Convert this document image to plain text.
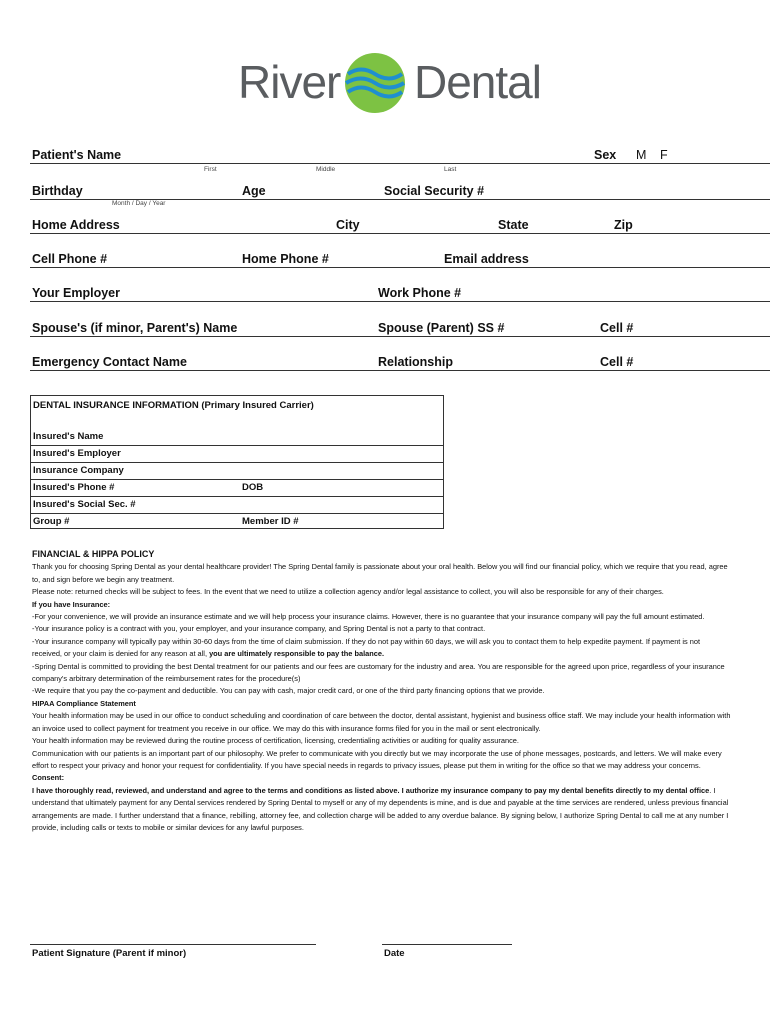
River Dental
Patient's Name	Sex M F
First	Middle	Last
Birthday	Age	Social Security #
Month / Day / Year
Home Address	City	State	Zip
Cell Phone #	Home Phone #	Email address
Your Employer	Work Phone #
Spouse's (if minor, Parent's) Name	Spouse (Parent) SS #	Cell #
Emergency Contact Name	Relationship	Cell #
DENTAL INSURANCE INFORMATION (Primary Insured Carrier)
Insured's Name
Insured's Employer
Insurance Company
Insured's Phone #	DOB
Insured's Social Sec. #
Group #	Member ID #

FINANCIAL & HIPPA POLICY

Thank you for choosing Spring Dental as your dental healthcare provider! The Spring Dental family is passionate about your oral health. Below you will find our financial policy, which we require that you read, agree to, and sign before we begin any treatment.

Please note: returned checks will be subject to fees. In the event that we need to utilize a collection agency and/or legal assistance to collect, you will also be responsible for any of their charges.

If you have Insurance:

-For your convenience, we will provide an insurance estimate and we will help process your insurance claims. However, there is no guarantee that your insurance company will pay the full amount estimated.

-Your insurance policy is a contract with you, your employer, and your insurance company, and Spring Dental is not a party to that contract.

-Your insurance company will typically pay within 30-60 days from the time of claim submission. If they do not pay within 60 days, we will ask you to contact them to help expedite payment. If payment is not received, or your claim is denied for any reason at all, you are ultimately responsible to pay the balance.

-Spring Dental is committed to providing the best Dental treatment for our patients and our fees are customary for the industry and area. You are responsible for the agreed upon price, regardless of your insurance company's arbitrary determination of the reimbursement rates for the procedure(s)

-We require that you pay the co-payment and deductible. You can pay with cash, major credit card, or one of the third party financing options that we provide.

HIPAA Compliance Statement

Your health information may be used in our office to conduct scheduling and coordination of care between the doctor, dental assistant, hygienist and business office staff. We may include your health information with an invoice used to collect payment for treatment you receive in our office. We may do this with insurance forms filed for you in the mail or sent electronically.

Your health information may be reviewed during the routine process of certification, licensing, credentialing activities or auditing for quality assurance.

Communication with our patients is an important part of our philosophy. We prefer to communicate with you directly but we may incorporate the use of phone messages, postcards, and letters. We will make every effort to respect your privacy and honor your request for confidentiality. If you have special needs in regards to privacy issues, please put them in writing for the office so that we may address your concerns.

Consent:

I have thoroughly read, reviewed, and understand and agree to the terms and conditions as listed above. I authorize my insurance company to pay my dental benefits directly to my dental office. I understand that ultimately payment for any Dental services rendered by Spring Dental to myself or any of my dependents is mine, and is due and payable at the time services are rendered, unless previous financial arrangements are made. I further understand that a finance, rebilling, attorney fee, and collection charge will be added to any overdue balance. By signing below, I authorize Spring Dental to call me at any number I provide, including calls or texts to mobile or similar devices for any lawful purposes.

Patient Signature (Parent if minor)	Date
